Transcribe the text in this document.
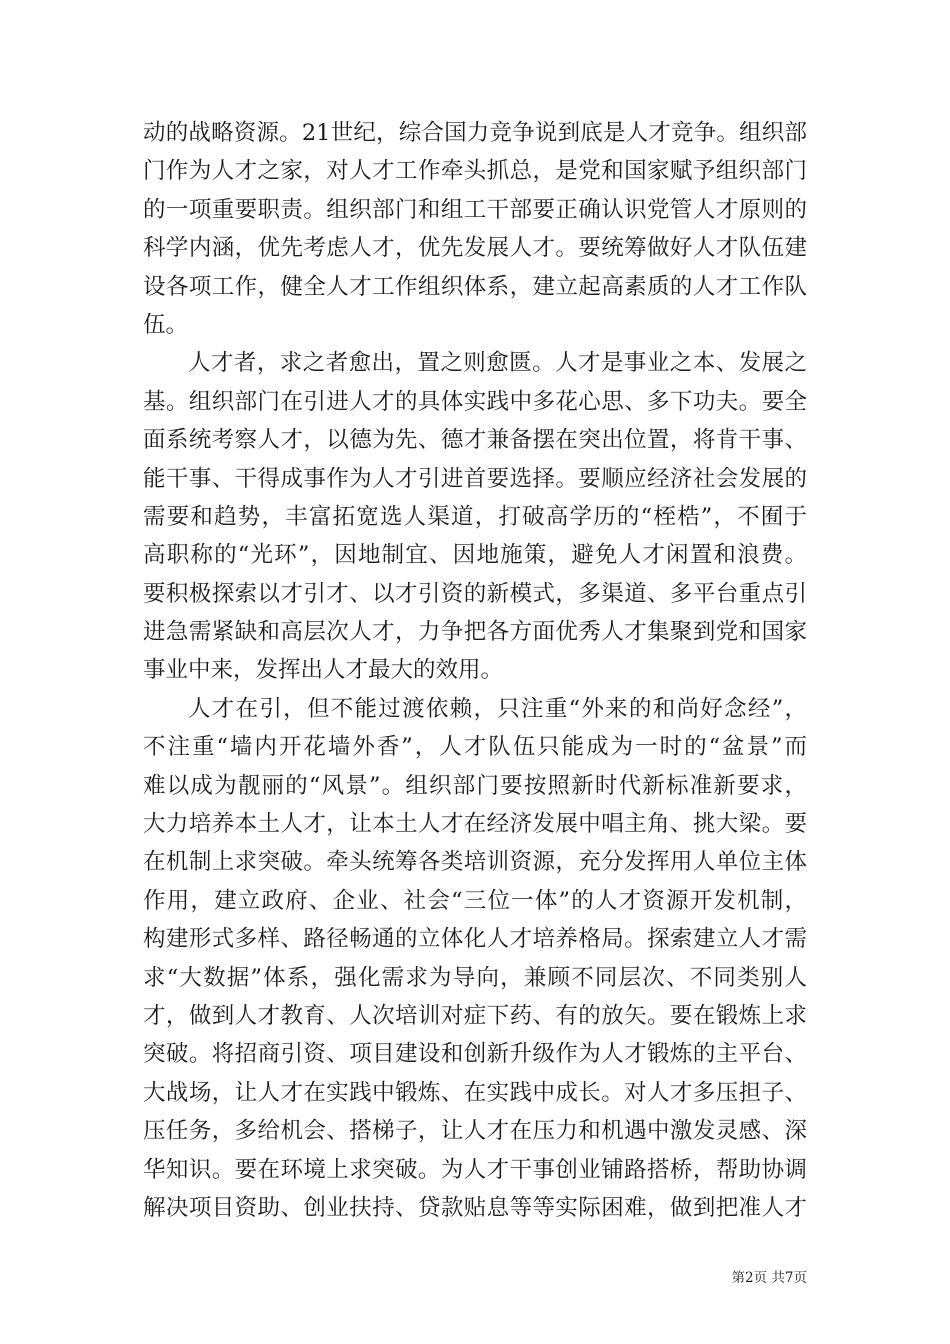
动的战略资源。21世纪，综合国力竞争说到底是人才竞争。组织部
门作为人才之家，对人才工作牵头抓总，是党和国家赋予组织部门
的一项重要职责。组织部门和组工干部要正确认识党管人才原则的
科学内涵，优先考虑人才，优先发展人才。要统筹做好人才队伍建
设各项工作，健全人才工作组织体系，建立起高素质的人才工作队
伍。
人才者，求之者愈出，置之则愈匮。人才是事业之本、发展之
基。组织部门在引进人才的具体实践中多花心思、多下功夫。要全
面系统考察人才，以德为先、德才兼备摆在突出位置，将肯干事、
能干事、干得成事作为人才引进首要选择。要顺应经济社会发展的
需要和趋势，丰富拓宽选人渠道，打破高学历的“桎梏”，不囿于
高职称的“光环”，因地制宜、因地施策，避免人才闲置和浪费。
要积极探索以才引才、以才引资的新模式，多渠道、多平台重点引
进急需紧缺和高层次人才，力争把各方面优秀人才集聚到党和国家
事业中来，发挥出人才最大的效用。
人才在引，但不能过渡依赖，只注重“外来的和尚好念经”，
不注重“墙内开花墙外香”，人才队伍只能成为一时的“盆景”而
难以成为靓丽的“风景”。组织部门要按照新时代新标准新要求，
大力培养本土人才，让本土人才在经济发展中唱主角、挑大梁。要
在机制上求突破。牵头统筹各类培训资源，充分发挥用人单位主体
作用，建立政府、企业、社会“三位一体”的人才资源开发机制，
构建形式多样、路径畅通的立体化人才培养格局。探索建立人才需
求“大数据”体系，强化需求为导向，兼顾不同层次、不同类别人
才，做到人才教育、人次培训对症下药、有的放矢。要在锻炼上求
突破。将招商引资、项目建设和创新升级作为人才锻炼的主平台、
大战场，让人才在实践中锻炼、在实践中成长。对人才多压担子、
压任务，多给机会、搭梯子，让人才在压力和机遇中激发灵感、深
华知识。要在环境上求突破。为人才干事创业铺路搭桥，帮助协调
解决项目资助、创业扶持、贷款贴息等等实际困难，做到把准人才
第2页 共7页
